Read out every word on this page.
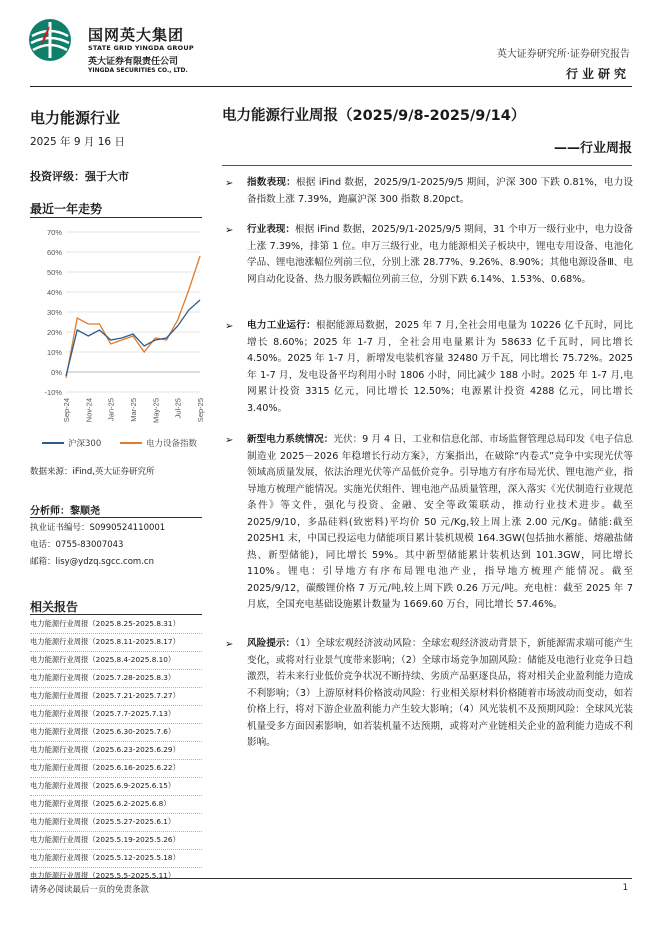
国网英大集团
STATE GRID YINGDA GROUP
英大证券有限责任公司
YINGDA SECURITIES CO., LTD.
英大证券研究所·证券研究报告
行业研究
电力能源行业
2025 年 9 月 16 日
投资评级：强于大市
最近一年走势
70%
60%
50%
40%
30%
20%
10%
0%
-10%
Sep-24 Nov-24 Jan-25 Mar-25 May-25 Jul-25 Sep-25
沪深300	电力设备指数
数据来源：iFind,英大证券研究所
分析师：黎顺尧
执业证书编号：S0990524110001
电话：0755-83007043
邮箱：lisy@ydzq.sgcc.com.cn
相关报告
电力能源行业周报（2025.8.25-2025.8.31）
电力能源行业周报（2025.8.11-2025.8.17）
电力能源行业周报（2025.8.4-2025.8.10）
电力能源行业周报（2025.7.28-2025.8.3）
电力能源行业周报（2025.7.21-2025.7.27）
电力能源行业周报（2025.7.7-2025.7.13）
电力能源行业周报（2025.6.30-2025.7.6）
电力能源行业周报（2025.6.23-2025.6.29）
电力能源行业周报（2025.6.16-2025.6.22）
电力能源行业周报（2025.6.9-2025.6.15）
电力能源行业周报（2025.6.2-2025.6.8）
电力能源行业周报（2025.5.27-2025.6.1）
电力能源行业周报（2025.5.19-2025.5.26）
电力能源行业周报（2025.5.12-2025.5.18）
电力能源行业周报（2025.5.5-2025.5.11）
电力能源行业周报（2025/9/8-2025/9/14）
——行业周报
➢	指数表现：根据 iFind 数据，2025/9/1-2025/9/5 期间，沪深 300 下跌 0.81%，电力设备指数上涨 7.39%，跑赢沪深 300 指数 8.20pct。

➢	行业表现：根据 iFind 数据，2025/9/1-2025/9/5 期间，31 个申万一级行业中，电力设备上涨 7.39%，排第 1 位。申万三级行业，电力能源相关子板块中，锂电专用设备、电池化学品、锂电池涨幅位列前三位，分别上涨 28.77%、9.26%、8.90%；其他电源设备Ⅲ、电网自动化设备、热力服务跌幅位列前三位，分别下跌 6.14%、1.53%、0.68%。

➢	电力工业运行：根据能源局数据，2025 年 7 月,全社会用电量为 10226 亿千瓦时，同比增长 8.60%；2025 年 1-7 月，全社会用电量累计为 58633 亿千瓦时，同比增长 4.50%。2025 年 1-7 月，新增发电装机容量 32480 万千瓦，同比增长 75.72%。2025 年 1-7 月，发电设备平均利用小时 1806 小时，同比减少 188 小时。2025 年 1-7 月,电网累计投资 3315 亿元，同比增长 12.50%；电源累计投资 4288 亿元，同比增长 3.40%。

➢	新型电力系统情况：光伏：9 月 4 日，工业和信息化部、市场监督管理总局印发《电子信息制造业 2025－2026 年稳增长行动方案》，方案指出，在破除“内卷式”竞争中实现光伏等领域高质量发展，依法治理光伏等产品低价竞争。引导地方有序布局光伏、锂电池产业，指导地方梳理产能情况。实施光伏组件、锂电池产品质量管理，深入落实《光伏制造行业规范条件》等文件，强化与投资、金融、安全等政策联动，推动行业技术进步。截至 2025/9/10，多晶硅料(致密料)平均价 50 元/Kg,较上周上涨 2.00 元/Kg。储能:截至 2025H1 末，中国已投运电力储能项目累计装机规模 164.3GW(包括抽水蓄能、熔融盐储热、新型储能)，同比增长 59%。其中新型储能累计装机达到 101.3GW，同比增长 110%。锂电：引导地方有序布局锂电池产业，指导地方梳理产能情况。截至 2025/9/12，碳酸锂价格 7 万元/吨,较上周下跌 0.26 万元/吨。充电桩：截至 2025 年 7 月底，全国充电基础设施累计数量为 1669.60 万台，同比增长 57.46%。

➢	风险提示：（1）全球宏观经济波动风险：全球宏观经济波动背景下，新能源需求端可能产生变化，或将对行业景气度带来影响；（2）全球市场竞争加剧风险：储能及电池行业竞争日趋激烈，若未来行业低价竞争状况不断持续、劣质产品驱逐良品，将对相关企业盈利能力造成不利影响；（3）上游原材料价格波动风险：行业相关原材料价格随着市场波动而变动，如若价格上行，将对下游企业盈利能力产生较大影响；（4）风光装机不及预期风险：全球风光装机量受多方面因素影响，如若装机量不达预期，或将对产业链相关企业的盈利能力造成不利影响。

请务必阅读最后一页的免责条款	1
